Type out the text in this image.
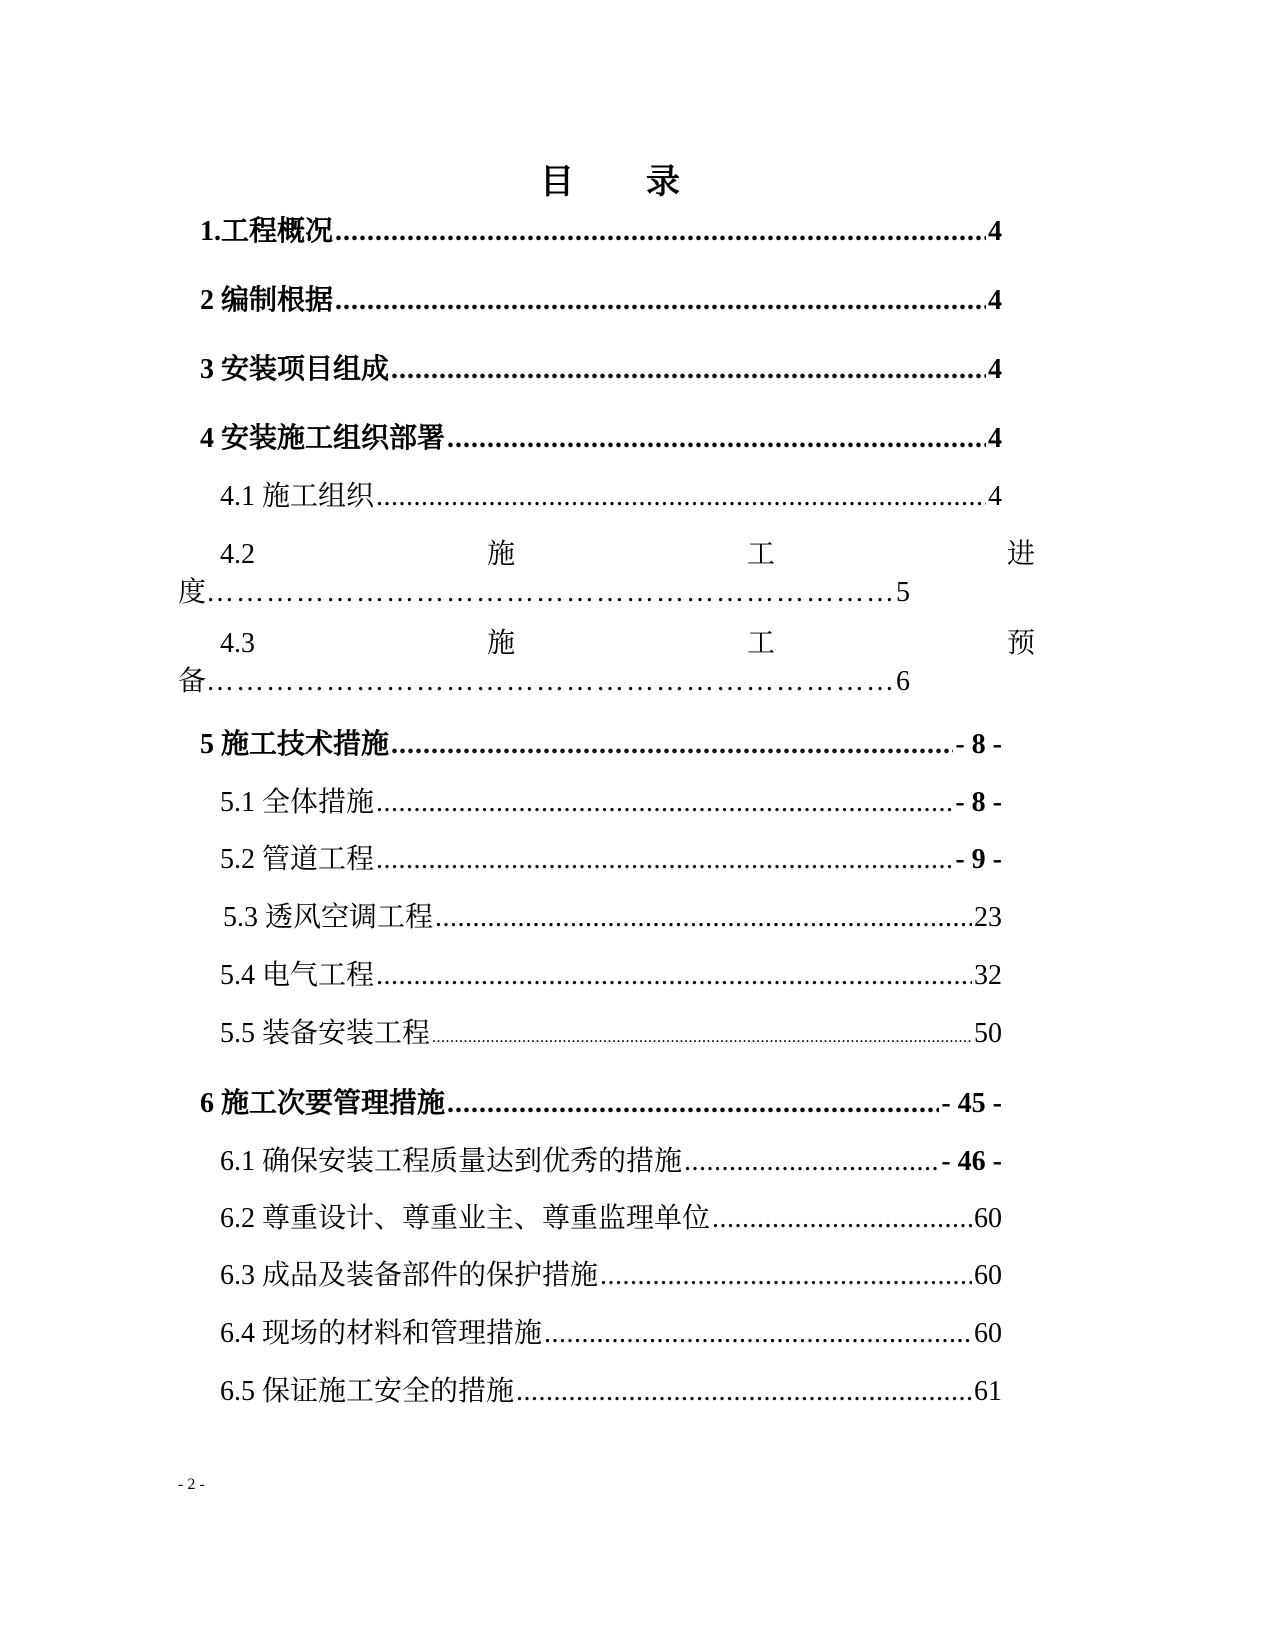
目 录
1.工程概况 .....	4
2 编制根据 .....	4
3 安装项目组成 .....	4
4 安装施工组织部署 .....	4
4.1 施工组织 .....	4
4.2	施	工	进
度……………………………………………………………5
4.3	施	工	预
备……………………………………………………………6
5 施工技术措施 .....	- 8 -
5.1 全体措施 .....	- 8 -
5.2 管道工程 .....	- 9 -
5.3 透风空调工程 .....	23
5.4 电气工程 .....	32
5.5 装备安装工程 .....	50
6 施工次要管理措施 .....	- 45 -
6.1 确保安装工程质量达到优秀的措施 .....	- 46 -
6.2 尊重设计、尊重业主、尊重监理单位 .....	60
6.3 成品及装备部件的保护措施 .....	60
6.4 现场的材料和管理措施 .....	60
6.5 保证施工安全的措施 .....	61
- 2 -
